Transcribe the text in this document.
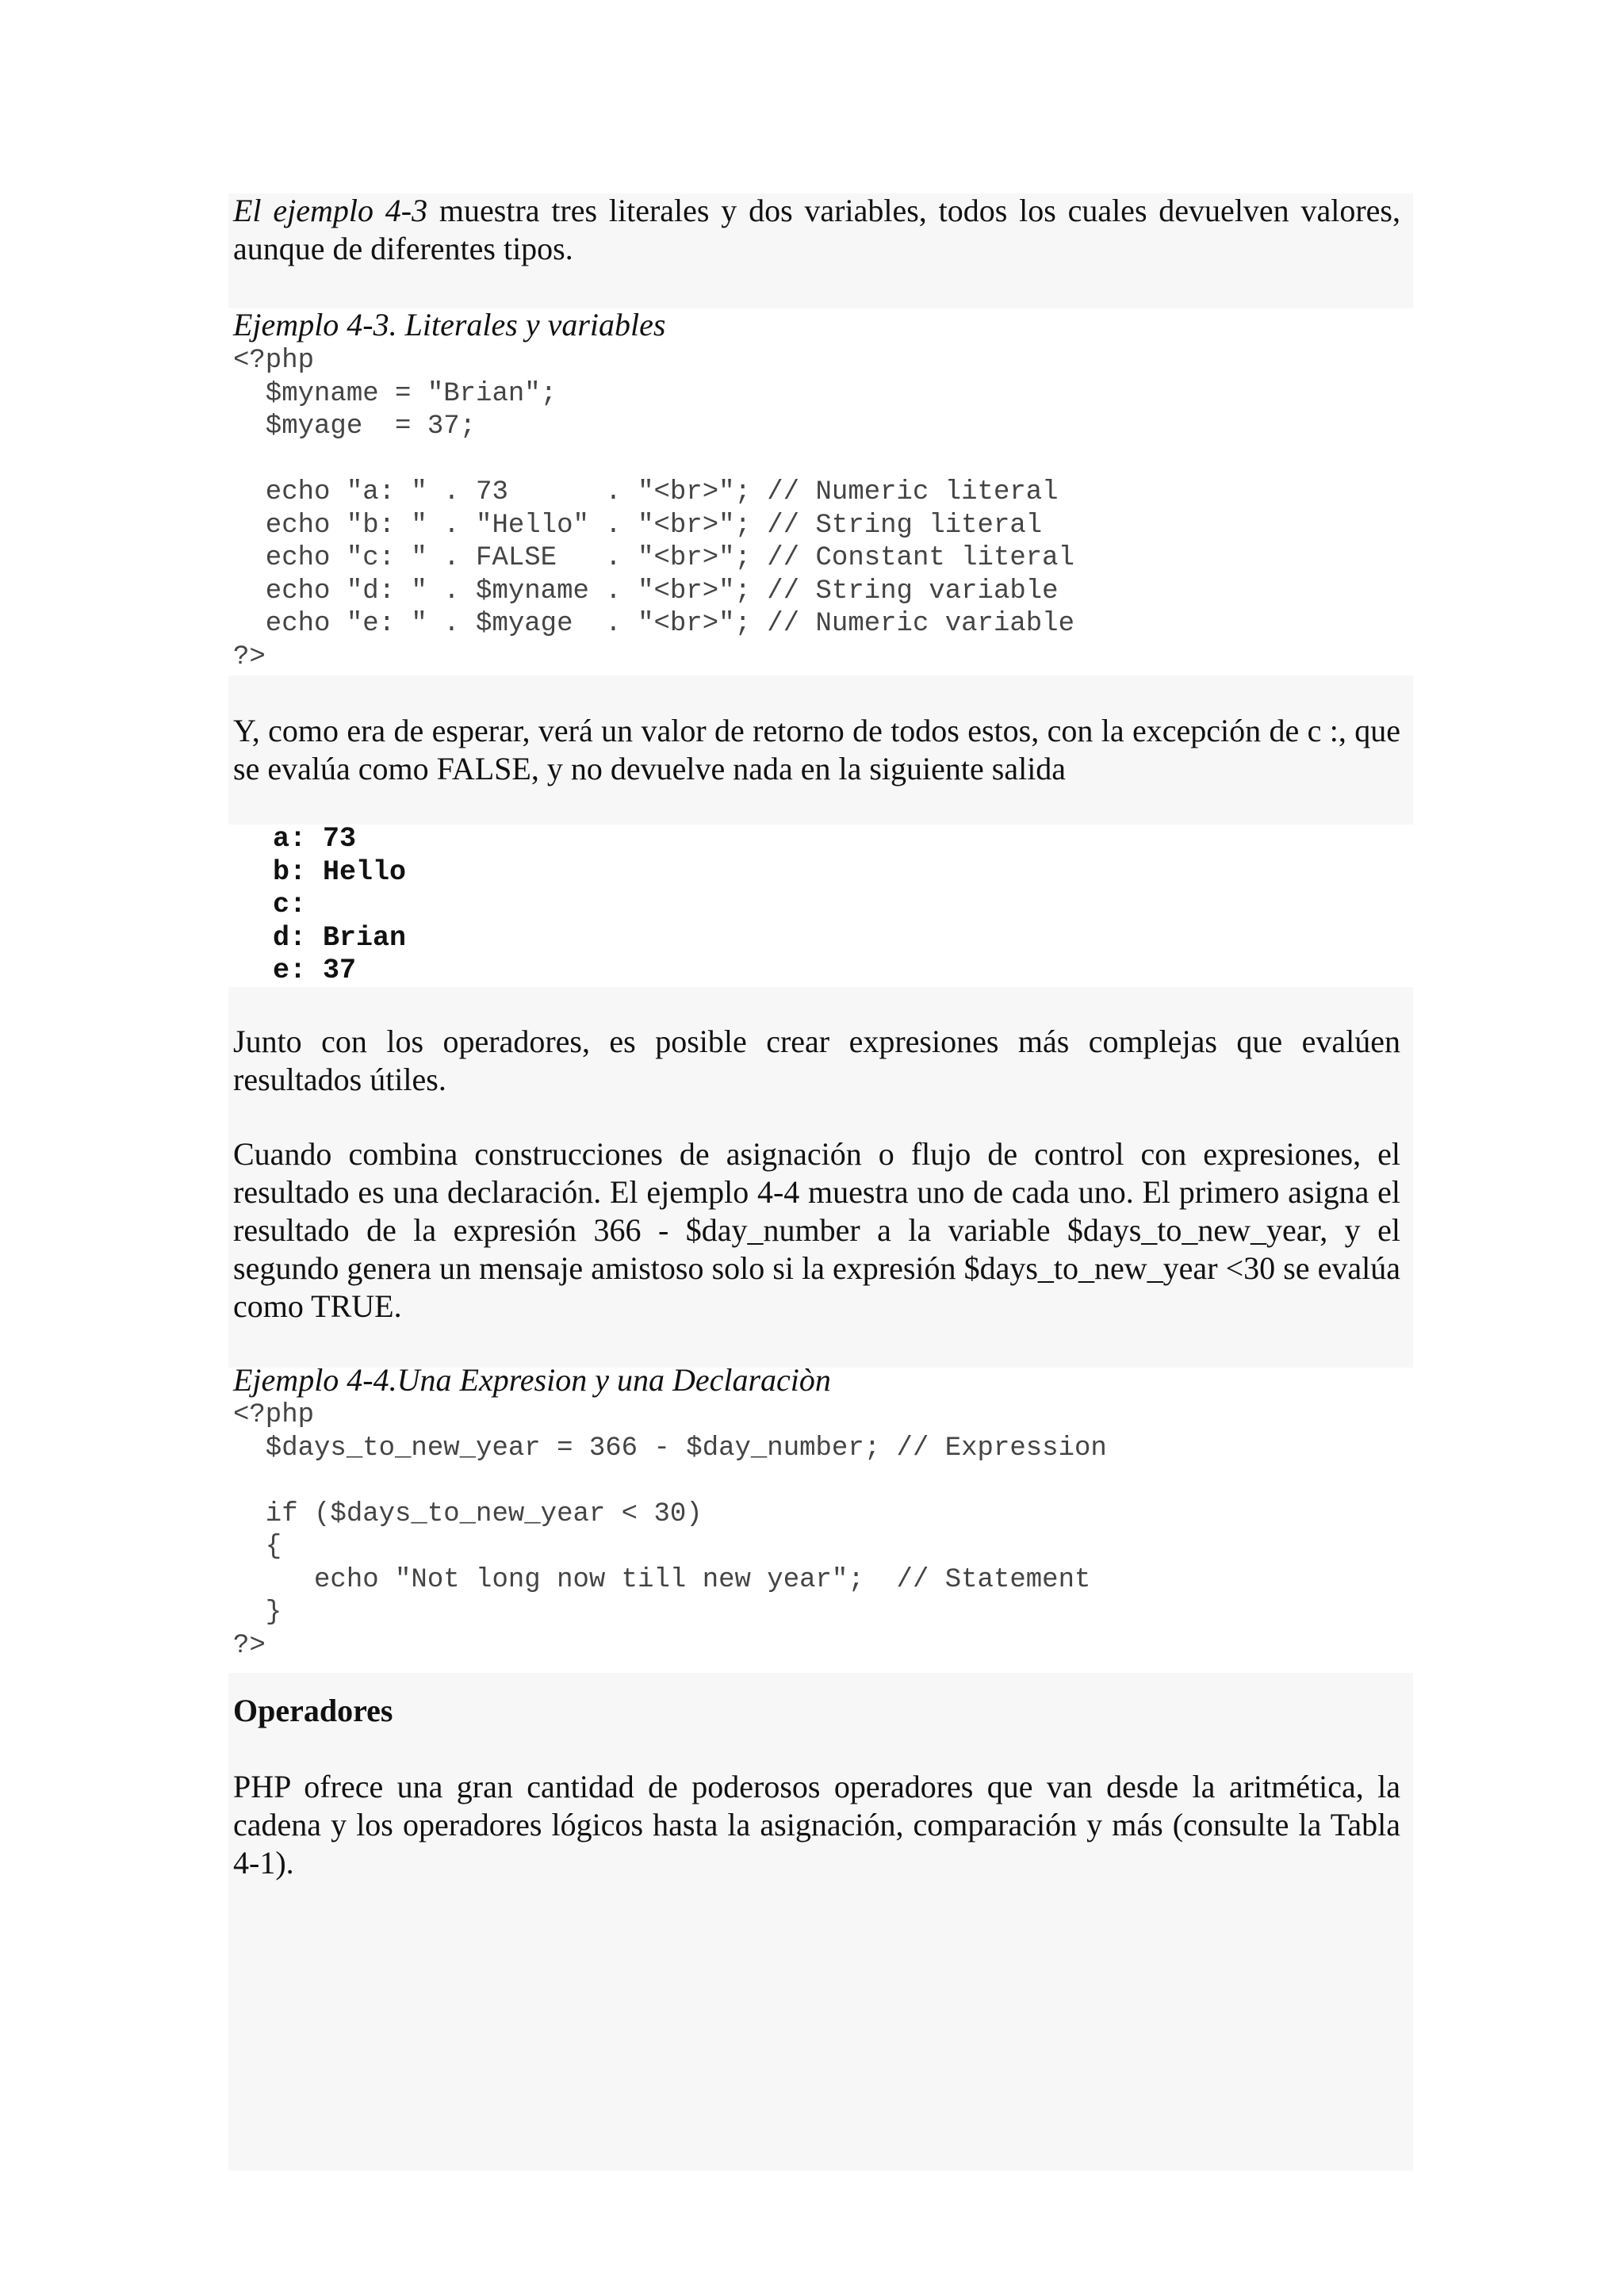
El ejemplo 4-3 muestra tres literales y dos variables, todos los cuales devuelven valores, aunque de diferentes tipos.
Ejemplo 4-3. Literales y variables
<?php
$myname = "Brian";
$myage  = 37;
echo "a: " . 73      . "<br>"; // Numeric literal
echo "b: " . "Hello" . "<br>"; // String literal
echo "c: " . FALSE   . "<br>"; // Constant literal
echo "d: " . $myname . "<br>"; // String variable
echo "e: " . $myage  . "<br>"; // Numeric variable
?>
Y, como era de esperar, verá un valor de retorno de todos estos, con la excepción de c :, que se evalúa como FALSE, y no devuelve nada en la siguiente salida
a: 73
b: Hello
c:
d: Brian
e: 37
Junto con los operadores, es posible crear expresiones más complejas que evalúen resultados útiles.
Cuando combina construcciones de asignación o flujo de control con expresiones, el resultado es una declaración. El ejemplo 4-4 muestra uno de cada uno. El primero asigna el resultado de la expresión 366 - $day_number a la variable $days_to_new_year, y el segundo genera un mensaje amistoso solo si la expresión $days_to_new_year <30 se evalúa como TRUE.
Ejemplo 4-4.Una Expresion y una Declaraciòn
<?php
$days_to_new_year = 366 - $day_number; // Expression
if ($days_to_new_year < 30)
{
echo "Not long now till new year";  // Statement
}
?>
Operadores
PHP ofrece una gran cantidad de poderosos operadores que van desde la aritmética, la cadena y los operadores lógicos hasta la asignación, comparación y más (consulte la Tabla 4-1).
